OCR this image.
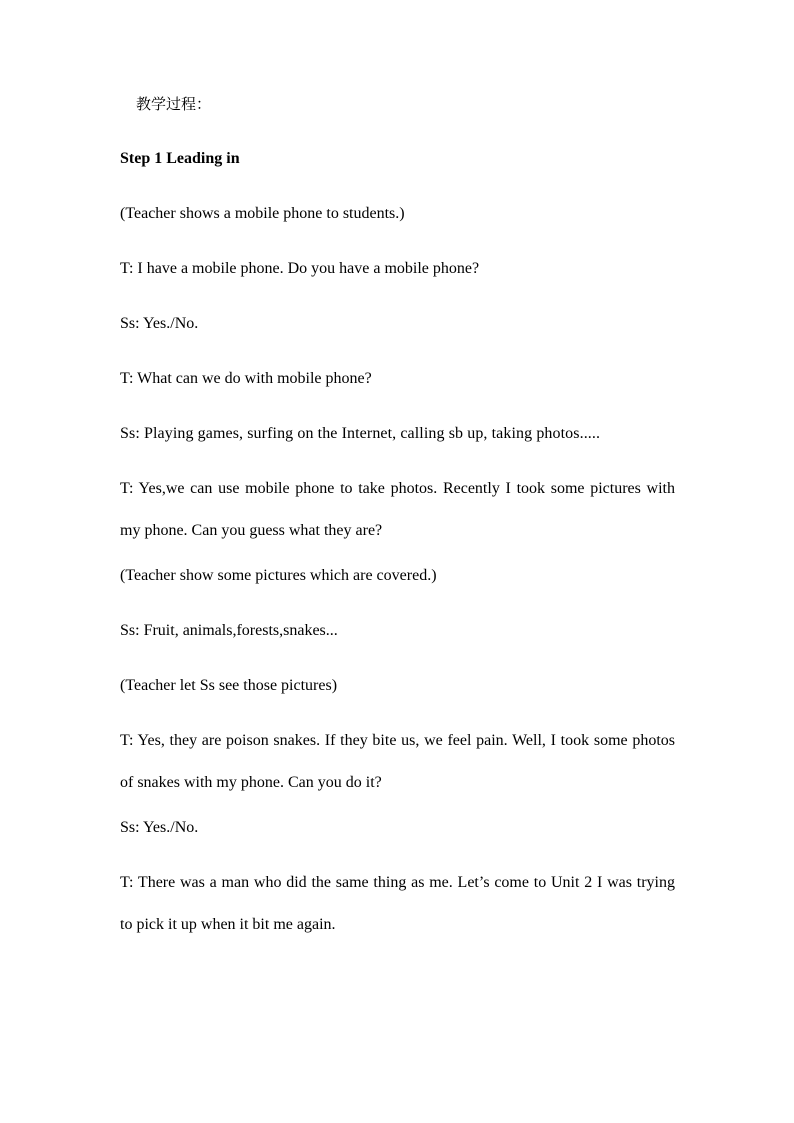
教学过程：

Step 1 Leading in

(Teacher shows a mobile phone to students.)

T: I have a mobile phone. Do you have a mobile phone?

Ss: Yes./No.

T: What can we do with mobile phone?

Ss: Playing games, surfing on the Internet, calling sb up, taking photos.....

T: Yes,we can use mobile phone to take photos. Recently I took some pictures with my phone. Can you guess what they are?

(Teacher show some pictures which are covered.)

Ss: Fruit, animals,forests,snakes...

(Teacher let Ss see those pictures)

T: Yes, they are poison snakes. If they bite us, we feel pain. Well, I took some photos of snakes with my phone. Can you do it?

Ss: Yes./No.

T: There was a man who did the same thing as me. Let’s come to Unit 2 I was trying to pick it up when it bit me again.
